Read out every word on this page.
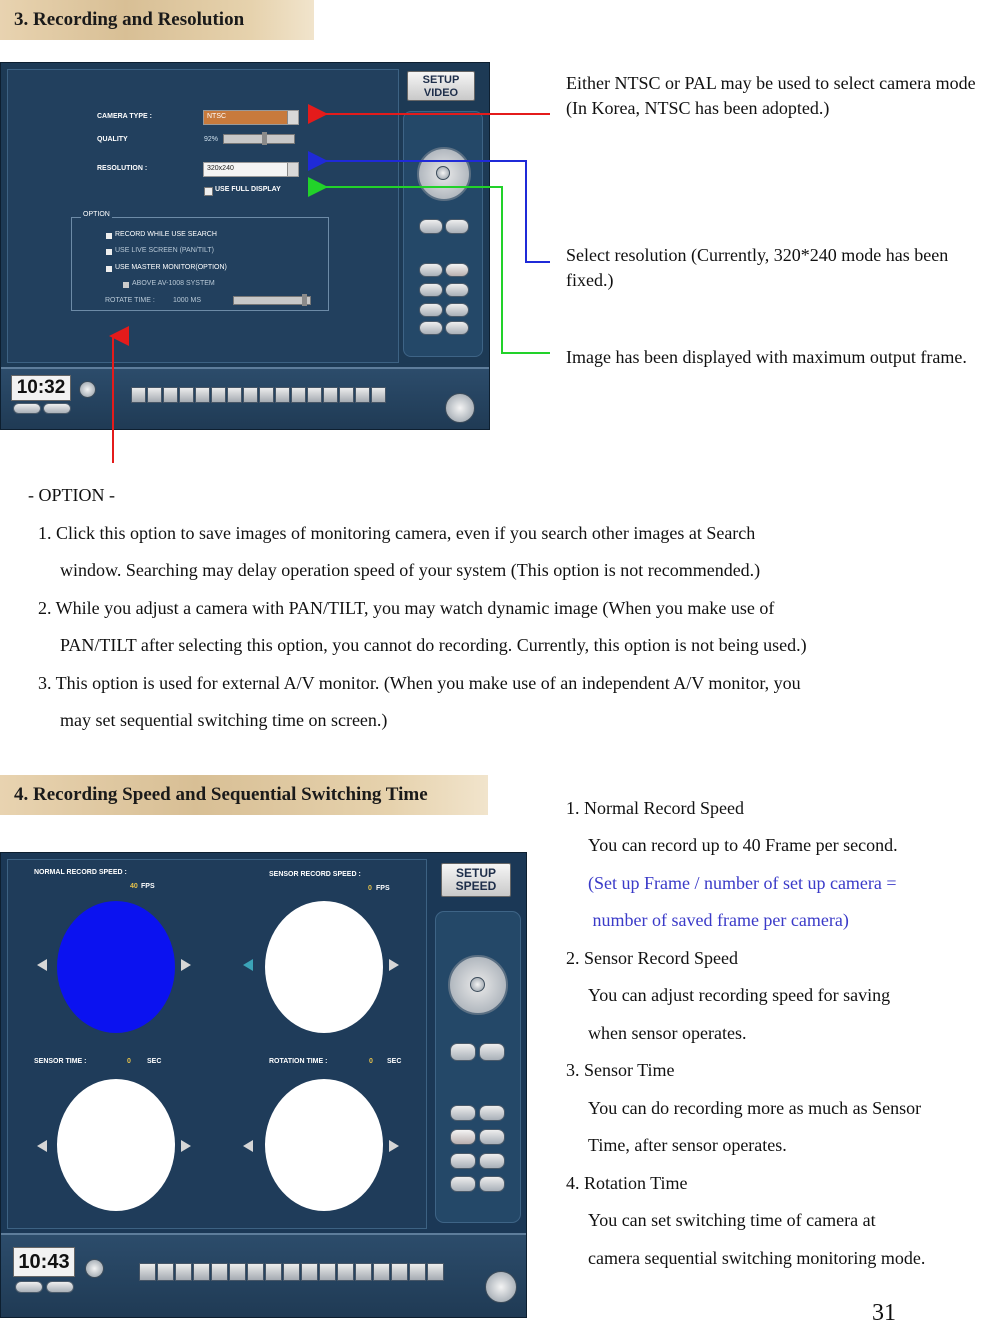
3. Recording and Resolution
CAMERA TYPE :	NTSC
QUALITY	92%
RESOLUTION :	320x240
USE FULL DISPLAY
OPTION
RECORD WHILE USE SEARCH
USE LIVE SCREEN (PAN/TILT)
USE MASTER MONITOR(OPTION)
ABOVE AV-1008 SYSTEM
ROTATE TIME :	1000 MS
SETUP
VIDEO
10:32
Either NTSC or PAL may be used to select camera mode (In Korea, NTSC has been adopted.)
Select resolution (Currently, 320*240 mode has been fixed.)
Image has been displayed with maximum output frame.
- OPTION -
1. Click this option to save images of monitoring camera, even if you search other images at Search
window. Searching may delay operation speed of your system (This option is not recommended.)
2. While you adjust a camera with PAN/TILT, you may watch dynamic image (When you make use of
PAN/TILT after selecting this option, you cannot do recording. Currently, this option is not being used.)
3. This option is used for external A/V monitor. (When you make use of an independent A/V monitor, you
may set sequential switching time on screen.)
4. Recording Speed and Sequential Switching Time
NORMAL RECORD SPEED :
40 FPS
SENSOR RECORD SPEED :
0 FPS
SENSOR TIME :	0 SEC	ROTATION TIME :	0 SEC
SETUP
SPEED
10:43
1. Normal Record Speed
You can record up to 40 Frame per second.
(Set up Frame / number of set up camera =
number of saved frame per camera)
2. Sensor Record Speed
You can adjust recording speed for saving
when sensor operates.
3. Sensor Time
You can do recording more as much as Sensor
Time, after sensor operates.
4. Rotation Time
You can set switching time of camera at
camera sequential switching monitoring mode.
31
